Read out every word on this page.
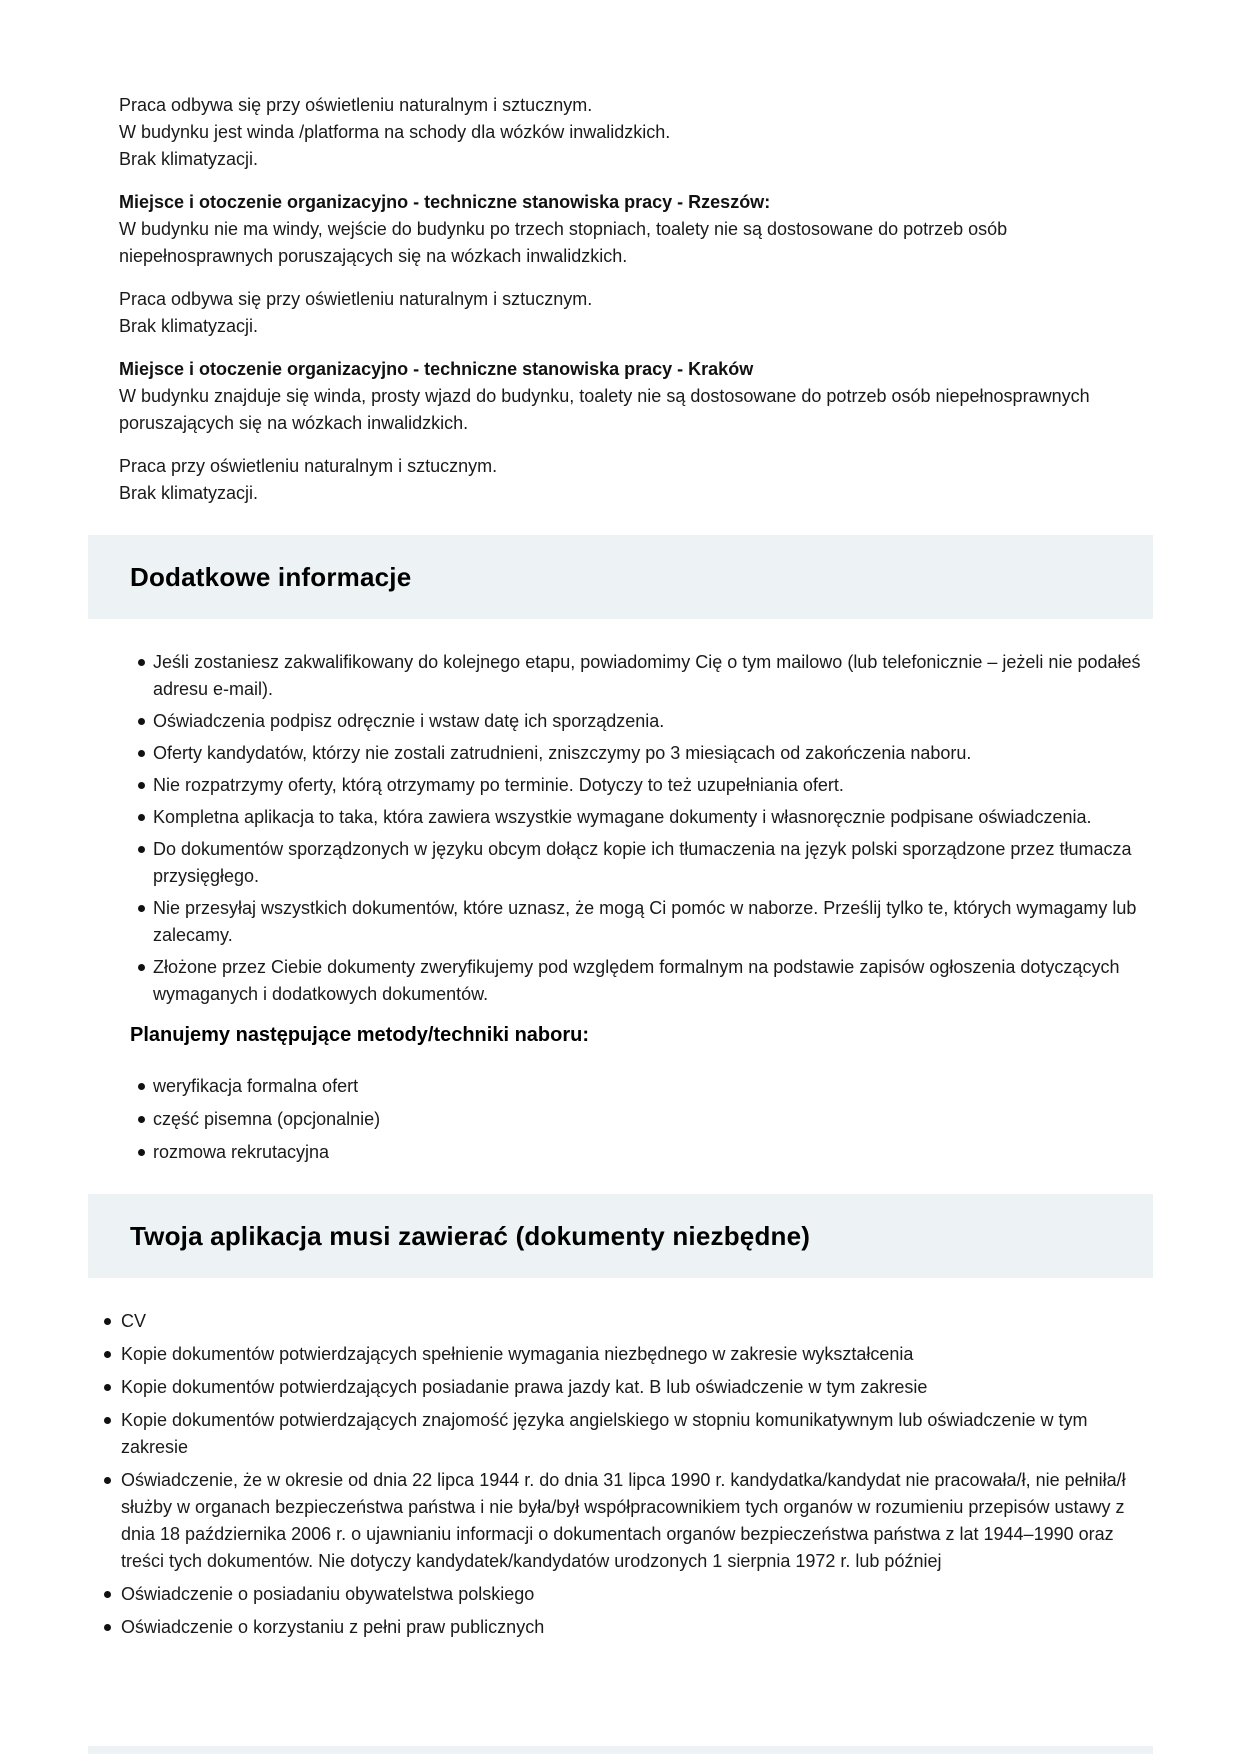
Praca odbywa się przy oświetleniu naturalnym i sztucznym.
W budynku jest winda /platforma na schody dla wózków inwalidzkich.
Brak klimatyzacji.
Miejsce i otoczenie organizacyjno - techniczne stanowiska pracy - Rzeszów:
W budynku nie ma windy, wejście do budynku po trzech stopniach, toalety nie są dostosowane do potrzeb osób niepełnosprawnych poruszających się na wózkach inwalidzkich.
Praca odbywa się przy oświetleniu naturalnym i sztucznym.
Brak klimatyzacji.
Miejsce i otoczenie organizacyjno - techniczne stanowiska pracy - Kraków
W budynku znajduje się winda, prosty wjazd do budynku, toalety nie są dostosowane do potrzeb osób niepełnosprawnych poruszających się na wózkach inwalidzkich.
Praca przy oświetleniu naturalnym i sztucznym.
Brak klimatyzacji.
Dodatkowe informacje
Jeśli zostaniesz zakwalifikowany do kolejnego etapu, powiadomimy Cię o tym mailowo (lub telefonicznie – jeżeli nie podałeś adresu e-mail).
Oświadczenia podpisz odręcznie i wstaw datę ich sporządzenia.
Oferty kandydatów, którzy nie zostali zatrudnieni, zniszczymy po 3 miesiącach od zakończenia naboru.
Nie rozpatrzymy oferty, którą otrzymamy po terminie. Dotyczy to też uzupełniania ofert.
Kompletna aplikacja to taka, która zawiera wszystkie wymagane dokumenty i własnoręcznie podpisane oświadczenia.
Do dokumentów sporządzonych w języku obcym dołącz kopie ich tłumaczenia na język polski sporządzone przez tłumacza przysięgłego.
Nie przesyłaj wszystkich dokumentów, które uznasz, że mogą Ci pomóc w naborze. Prześlij tylko te, których wymagamy lub zalecamy.
Złożone przez Ciebie dokumenty zweryfikujemy pod względem formalnym na podstawie zapisów ogłoszenia dotyczących wymaganych i dodatkowych dokumentów.
Planujemy następujące metody/techniki naboru:
weryfikacja formalna ofert
część pisemna (opcjonalnie)
rozmowa rekrutacyjna
Twoja aplikacja musi zawierać (dokumenty niezbędne)
CV
Kopie dokumentów potwierdzających spełnienie wymagania niezbędnego w zakresie wykształcenia
Kopie dokumentów potwierdzających posiadanie prawa jazdy kat. B lub oświadczenie w tym zakresie
Kopie dokumentów potwierdzających znajomość języka angielskiego w stopniu komunikatywnym lub oświadczenie w tym zakresie
Oświadczenie, że w okresie od dnia 22 lipca 1944 r. do dnia 31 lipca 1990 r. kandydatka/kandydat nie pracowała/ł, nie pełniła/ł służby w organach bezpieczeństwa państwa i nie była/był współpracownikiem tych organów w rozumieniu przepisów ustawy z dnia 18 października 2006 r. o ujawnianiu informacji o dokumentach organów bezpieczeństwa państwa z lat 1944–1990 oraz treści tych dokumentów. Nie dotyczy kandydatek/kandydatów urodzonych 1 sierpnia 1972 r. lub później
Oświadczenie o posiadaniu obywatelstwa polskiego
Oświadczenie o korzystaniu z pełni praw publicznych
